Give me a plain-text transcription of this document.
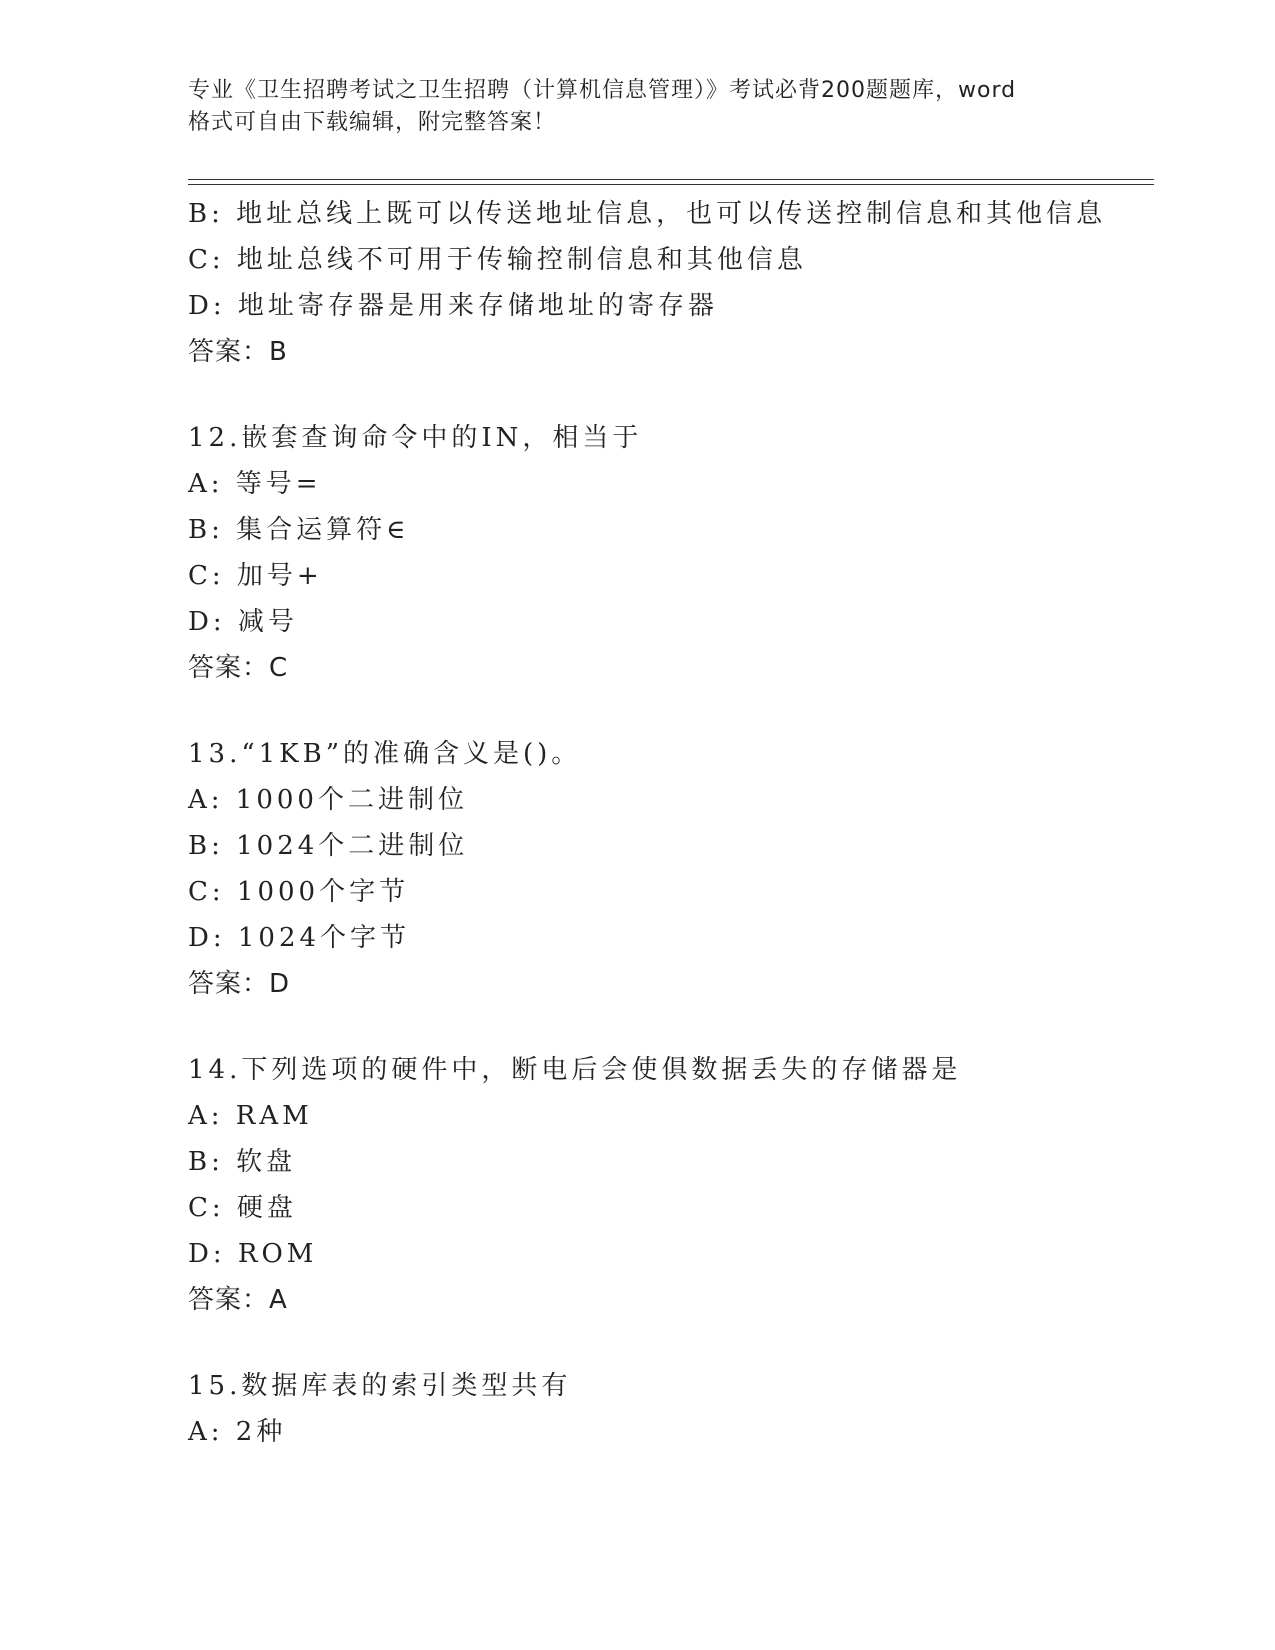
专业《卫生招聘考试之卫生招聘（计算机信息管理）》考试必背200题题库，word
格式可自由下载编辑，附完整答案！
B: 地址总线上既可以传送地址信息，也可以传送控制信息和其他信息
C: 地址总线不可用于传输控制信息和其他信息
D: 地址寄存器是用来存储地址的寄存器
答案：B
12.嵌套查询命令中的IN，相当于
A: 等号=
B: 集合运算符∈
C: 加号+
D: 减号
答案：C
13.“1KB”的准确含义是()。
A: 1000个二进制位
B: 1024个二进制位
C: 1000个字节
D: 1024个字节
答案：D
14.下列选项的硬件中，断电后会使俱数据丢失的存储器是
A: RAM
B: 软盘
C: 硬盘
D: ROM
答案：A
15.数据库表的索引类型共有
A: 2种
